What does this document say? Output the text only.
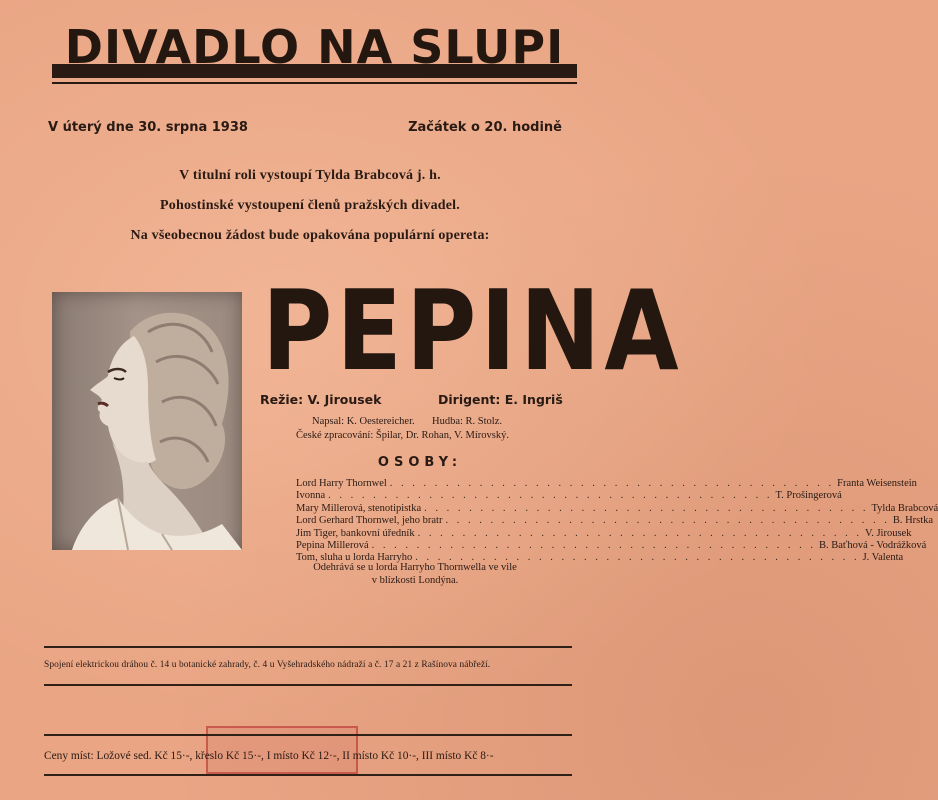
DIVADLO NA SLUPI
V úterý dne 30. srpna 1938	Začátek o 20. hodině
V titulní roli vystoupí Tylda Brabcová j. h.
Pohostinské vystoupení členů pražských divadel.
Na všeobecnou žádost bude opakována populární opereta:
PEPINA
Režie: V. Jirousek	Dirigent: E. Ingriš
Napsal: K. Oestereicher. Hudba: R. Stolz.
České zpracování: Špilar, Dr. Rohan, V. Mírovský.
OSOBY:
Lord Harry Thornwel . . . . . . . . . . . . . . . . . . . . . . . . . . . . . . . . . . . . . . . . Franta Weisenstein
Ivonna . . . . . . . . . . . . . . . . . . . . . . . . . . . . . . . . . . . . . . . . T. Prošingerová
Mary Millerová, stenotipistka . . . . . . . . . . . . . . . . . . . . . . . . . . . . . . . . . . . . . . . . Tylda Brabcová
Lord Gerhard Thornwel, jeho bratr . . . . . . . . . . . . . . . . . . . . . . . . . . . . . . . . . . . . . . . . B. Hrstka
Jim Tiger, bankovní úředník . . . . . . . . . . . . . . . . . . . . . . . . . . . . . . . . . . . . . . . . V. Jirousek
Pepina Millerová . . . . . . . . . . . . . . . . . . . . . . . . . . . . . . . . . . . . . . . . B. Baťhová - Vodrážková
Tom, sluha u lorda Harryho . . . . . . . . . . . . . . . . . . . . . . . . . . . . . . . . . . . . . . . . J. Valenta
Odehrává se u lorda Harryho Thornwella ve vile
v blízkosti Londýna.
Spojení elektrickou dráhou č. 14 u botanické zahrady, č. 4 u Vyšehradského nádraží a č. 17 a 21 z Rašínova nábřeží.
Ceny míst: Ložové sed. Kč 15·-, křeslo Kč 15·-, I místo Kč 12·-, II místo Kč 10·-, III místo Kč 8·-
